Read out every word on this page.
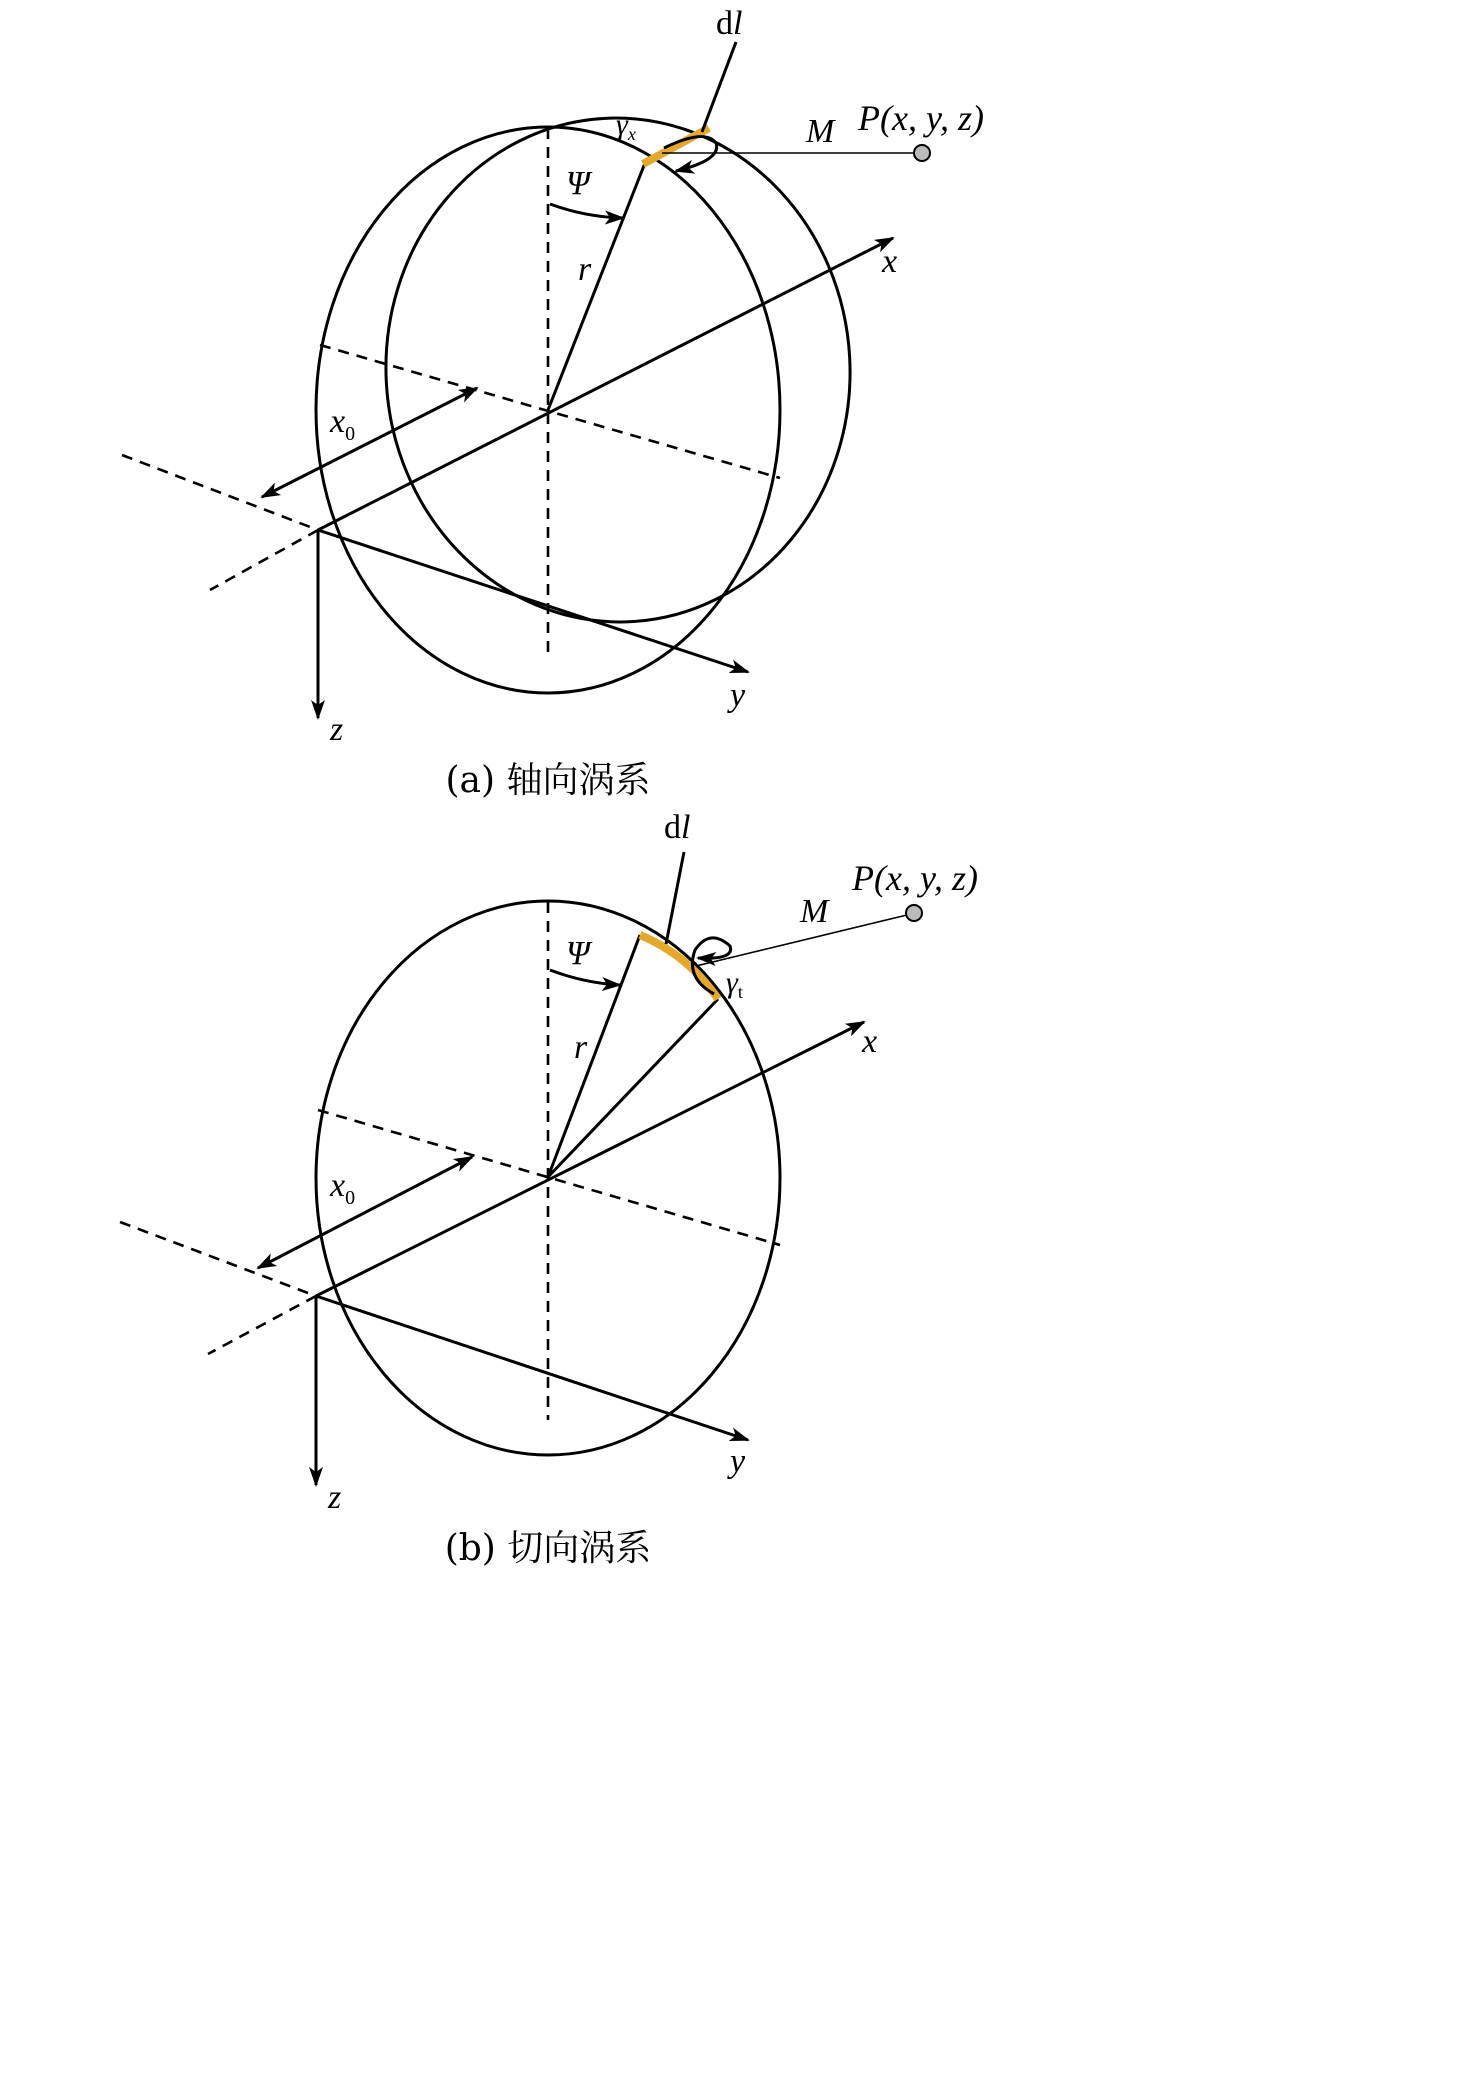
dl
$\gamma_x$	M P(x, y, z)
Ψ
r	x
y
z
$x_0$
(a) 轴向涡系
dl
$\gamma_t$
M
P(x, y, z)
Ψ
r	x
y
z
$x_0$
(b) 切向涡系
